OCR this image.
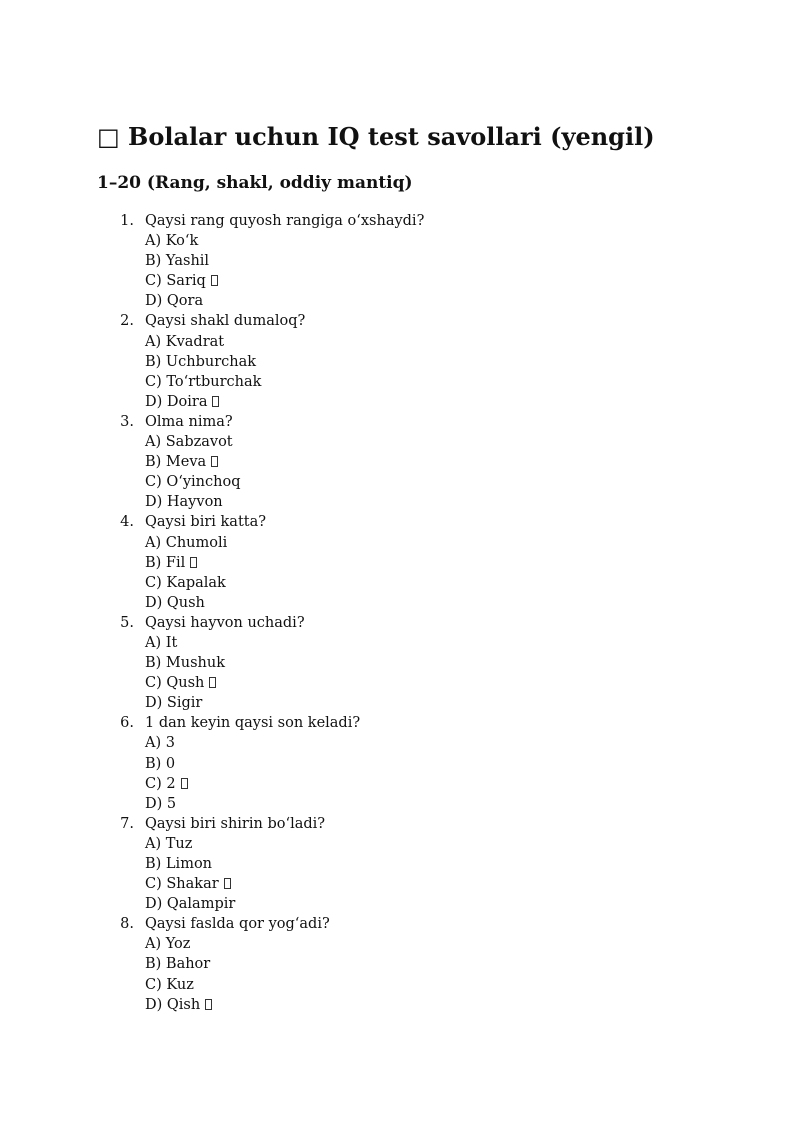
□ Bolalar uchun IQ test savollari (yengil)
1–20 (Rang, shakl, oddiy mantiq)
1. Qaysi rang quyosh rangiga o‘xshaydi?
A) Ko‘k
B) Yashil
C) Sariq
D) Qora
2. Qaysi shakl dumaloq?
A) Kvadrat
B) Uchburchak
C) To‘rtburchak
D) Doira
3. Olma nima?
A) Sabzavot
B) Meva
C) O‘yinchoq
D) Hayvon
4. Qaysi biri katta?
A) Chumoli
B) Fil
C) Kapalak
D) Qush
5. Qaysi hayvon uchadi?
A) It
B) Mushuk
C) Qush
D) Sigir
6. 1 dan keyin qaysi son keladi?
A) 3
B) 0
C) 2
D) 5
7. Qaysi biri shirin bo‘ladi?
A) Tuz
B) Limon
C) Shakar
D) Qalampir
8. Qaysi faslda qor yog‘adi?
A) Yoz
B) Bahor
C) Kuz
D) Qish
